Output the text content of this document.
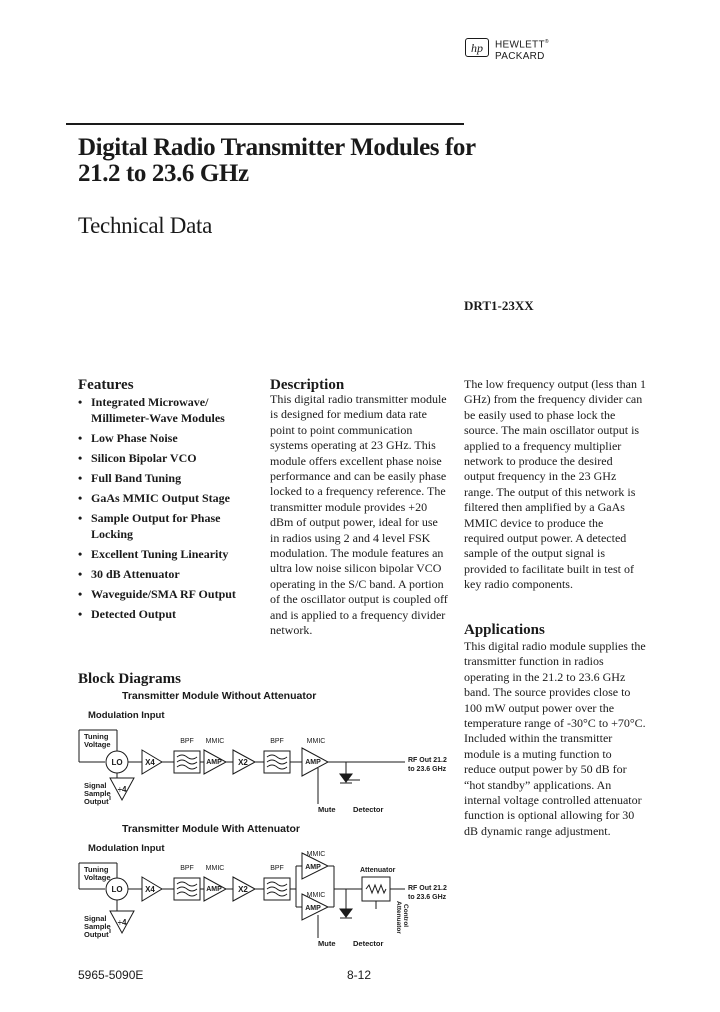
hp	HEWLETT®
PACKARD
Digital Radio Transmitter Modules for 21.2 to 23.6 GHz
Technical Data
DRT1-23XX
Features
• Integrated Microwave/ Millimeter-Wave Modules
• Low Phase Noise
• Silicon Bipolar VCO
• Full Band Tuning
• GaAs MMIC Output Stage
• Sample Output for Phase Locking
• Excellent Tuning Linearity
• 30 dB Attenuator
• Waveguide/SMA RF Output
• Detected Output
Description

This digital radio transmitter module is designed for medium data rate point to point communication systems operating at 23 GHz. This module offers excellent phase noise performance and can be easily phase locked to a frequency reference. The transmitter module provides +20 dBm of output power, ideal for use in radios using 2 and 4 level FSK modulation. The module features an ultra low noise silicon bipolar VCO operating in the S/C band. A portion of the oscillator output is coupled off and is applied to a frequency divider network.

The low frequency output (less than 1 GHz) from the frequency divider can be easily used to phase lock the source. The main oscillator output is applied to a frequency multiplier network to produce the desired output frequency in the 23 GHz range. The output of this network is filtered then amplified by a GaAs MMIC device to produce the required output power. A detected sample of the output signal is provided to facilitate built in test of key radio components.

Applications

This digital radio module supplies the transmitter function in radios operating in the 21.2 to 23.6 GHz band. The source provides close to 100 mW output power over the temperature range of -30°C to +70°C. Included within the transmitter module is a muting function to reduce output power by 50 dB for “hot standby” applications. An internal voltage controlled attenuator function is optional allowing for 30 dB dynamic range adjustment.

Block Diagrams
Transmitter Module Without Attenuator
Modulation Input
Tuning
Voltage
LO	X4
BPF MMIC
AMP X2
BPF	MMIC
AMP	RF Out 21.2
to 23.6 GHz
Signal
Sample
Output
÷4
Mute Detector
Transmitter Module With Attenuator
Modulation Input
Tuning
Voltage
LO	X4
BPF MMIC
AMP X2
BPF
MMIC
AMP
MMIC
AMP
Attenuator
RF Out 21.2
to 23.6 GHz
Signal
Sample
Output
÷4
Mute Detector
Attenuator Control
5965-5090E	8-12
